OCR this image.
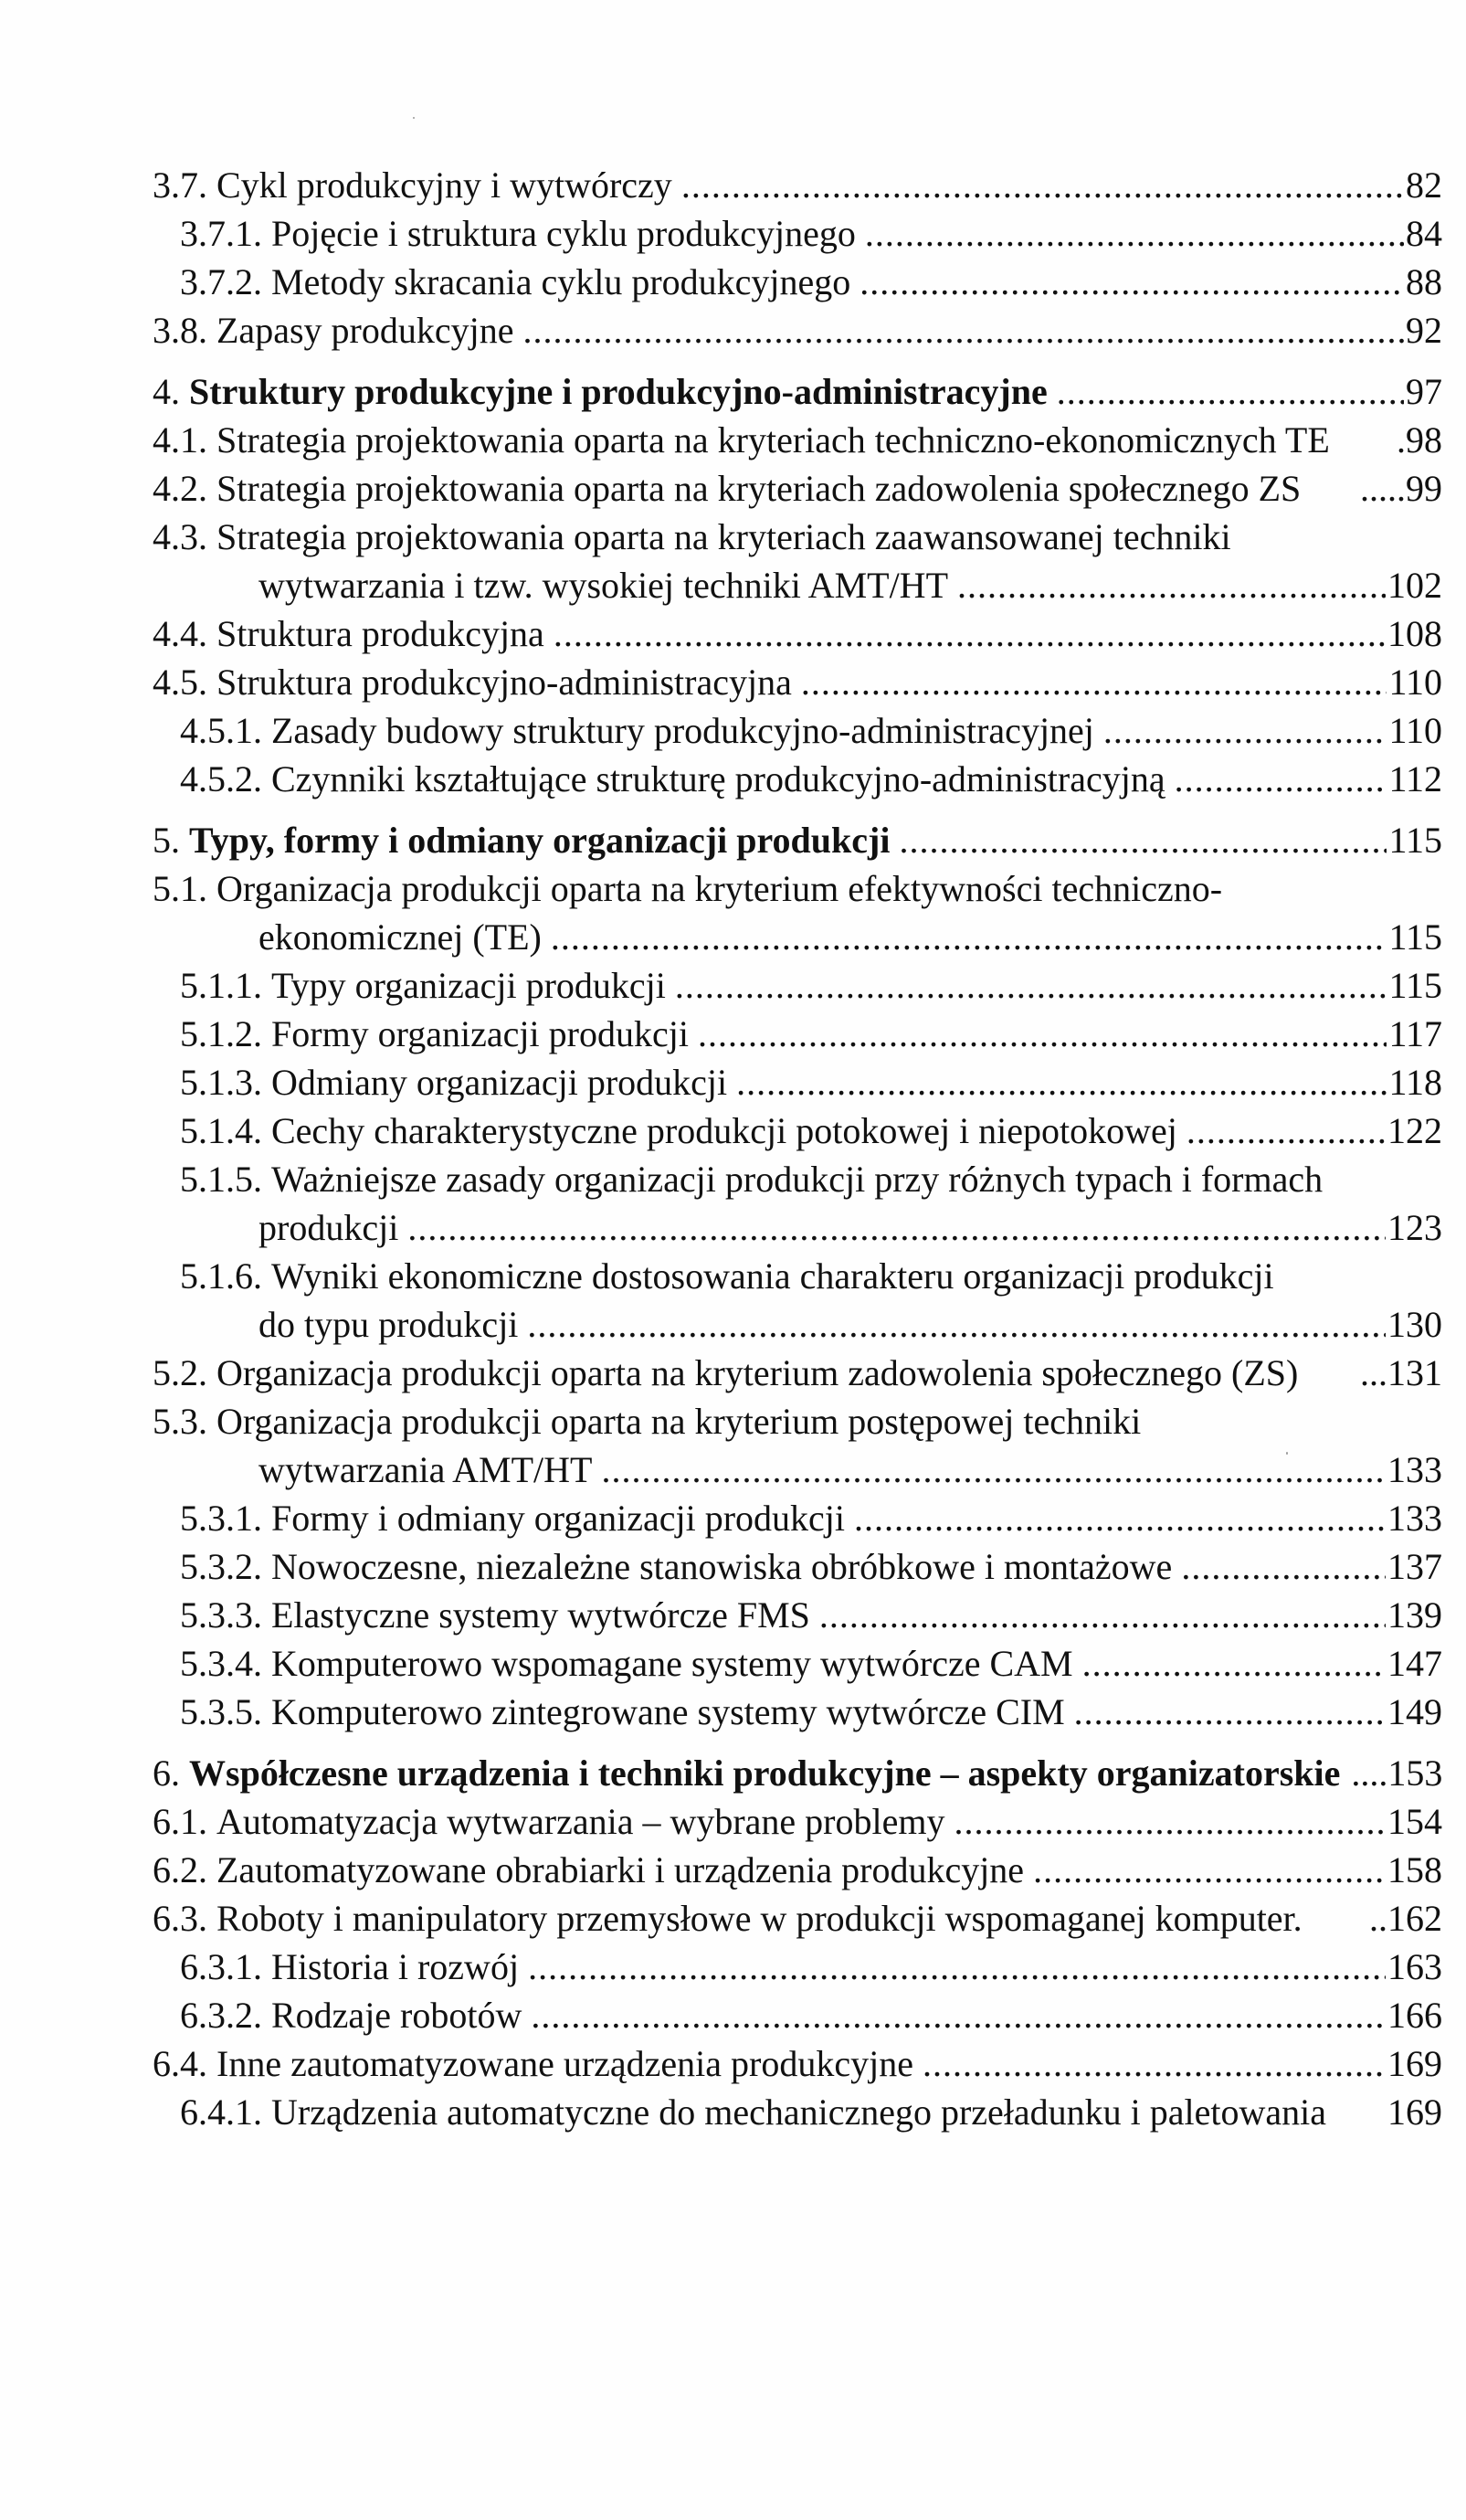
3.7. Cykl produkcyjny i wytwórczy .....	82
3.7.1. Pojęcie i struktura cyklu produkcyjnego .....	84
3.7.2. Metody skracania cyklu produkcyjnego .....	88
3.8. Zapasy produkcyjne .....	92
4. Struktury produkcyjne i produkcyjno-administracyjne .....	97
4.1. Strategia projektowania oparta na kryteriach techniczno-ekonomicznych TE .98
4.2. Strategia projektowania oparta na kryteriach zadowolenia społecznego ZS .....99
4.3. Strategia projektowania oparta na kryteriach zaawansowanej techniki
wytwarzania i tzw. wysokiej techniki AMT/HT .....	102
4.4. Struktura produkcyjna .....	108
4.5. Struktura produkcyjno-administracyjna .....	110
4.5.1. Zasady budowy struktury produkcyjno-administracyjnej .....	110
4.5.2. Czynniki kształtujące strukturę produkcyjno-administracyjną .....	112
5. Typy, formy i odmiany organizacji produkcji .....	115
5.1. Organizacja produkcji oparta na kryterium efektywności techniczno-
ekonomicznej (TE) .....	115
5.1.1. Typy organizacji produkcji .....	115
5.1.2. Formy organizacji produkcji .....	117
5.1.3. Odmiany organizacji produkcji .....	118
5.1.4. Cechy charakterystyczne produkcji potokowej i niepotokowej .....	122
5.1.5. Ważniejsze zasady organizacji produkcji przy różnych typach i formach
produkcji .....	123
5.1.6. Wyniki ekonomiczne dostosowania charakteru organizacji produkcji
do typu produkcji .....	130
5.2. Organizacja produkcji oparta na kryterium zadowolenia społecznego (ZS) ...131
5.3. Organizacja produkcji oparta na kryterium postępowej techniki
wytwarzania AMT/HT .....	133
5.3.1. Formy i odmiany organizacji produkcji .....	133
5.3.2. Nowoczesne, niezależne stanowiska obróbkowe i montażowe .....	137
5.3.3. Elastyczne systemy wytwórcze FMS .....	139
5.3.4. Komputerowo wspomagane systemy wytwórcze CAM .....	147
5.3.5. Komputerowo zintegrowane systemy wytwórcze CIM .....	149
6. Współczesne urządzenia i techniki produkcyjne – aspekty organizatorskie ....153
6.1. Automatyzacja wytwarzania – wybrane problemy .....	154
6.2. Zautomatyzowane obrabiarki i urządzenia produkcyjne .....	158
6.3. Roboty i manipulatory przemysłowe w produkcji wspomaganej komputer. ..162
6.3.1. Historia i rozwój .....	163
6.3.2. Rodzaje robotów .....	166
6.4. Inne zautomatyzowane urządzenia produkcyjne .....	169
6.4.1. Urządzenia automatyczne do mechanicznego przeładunku i paletowania 169
